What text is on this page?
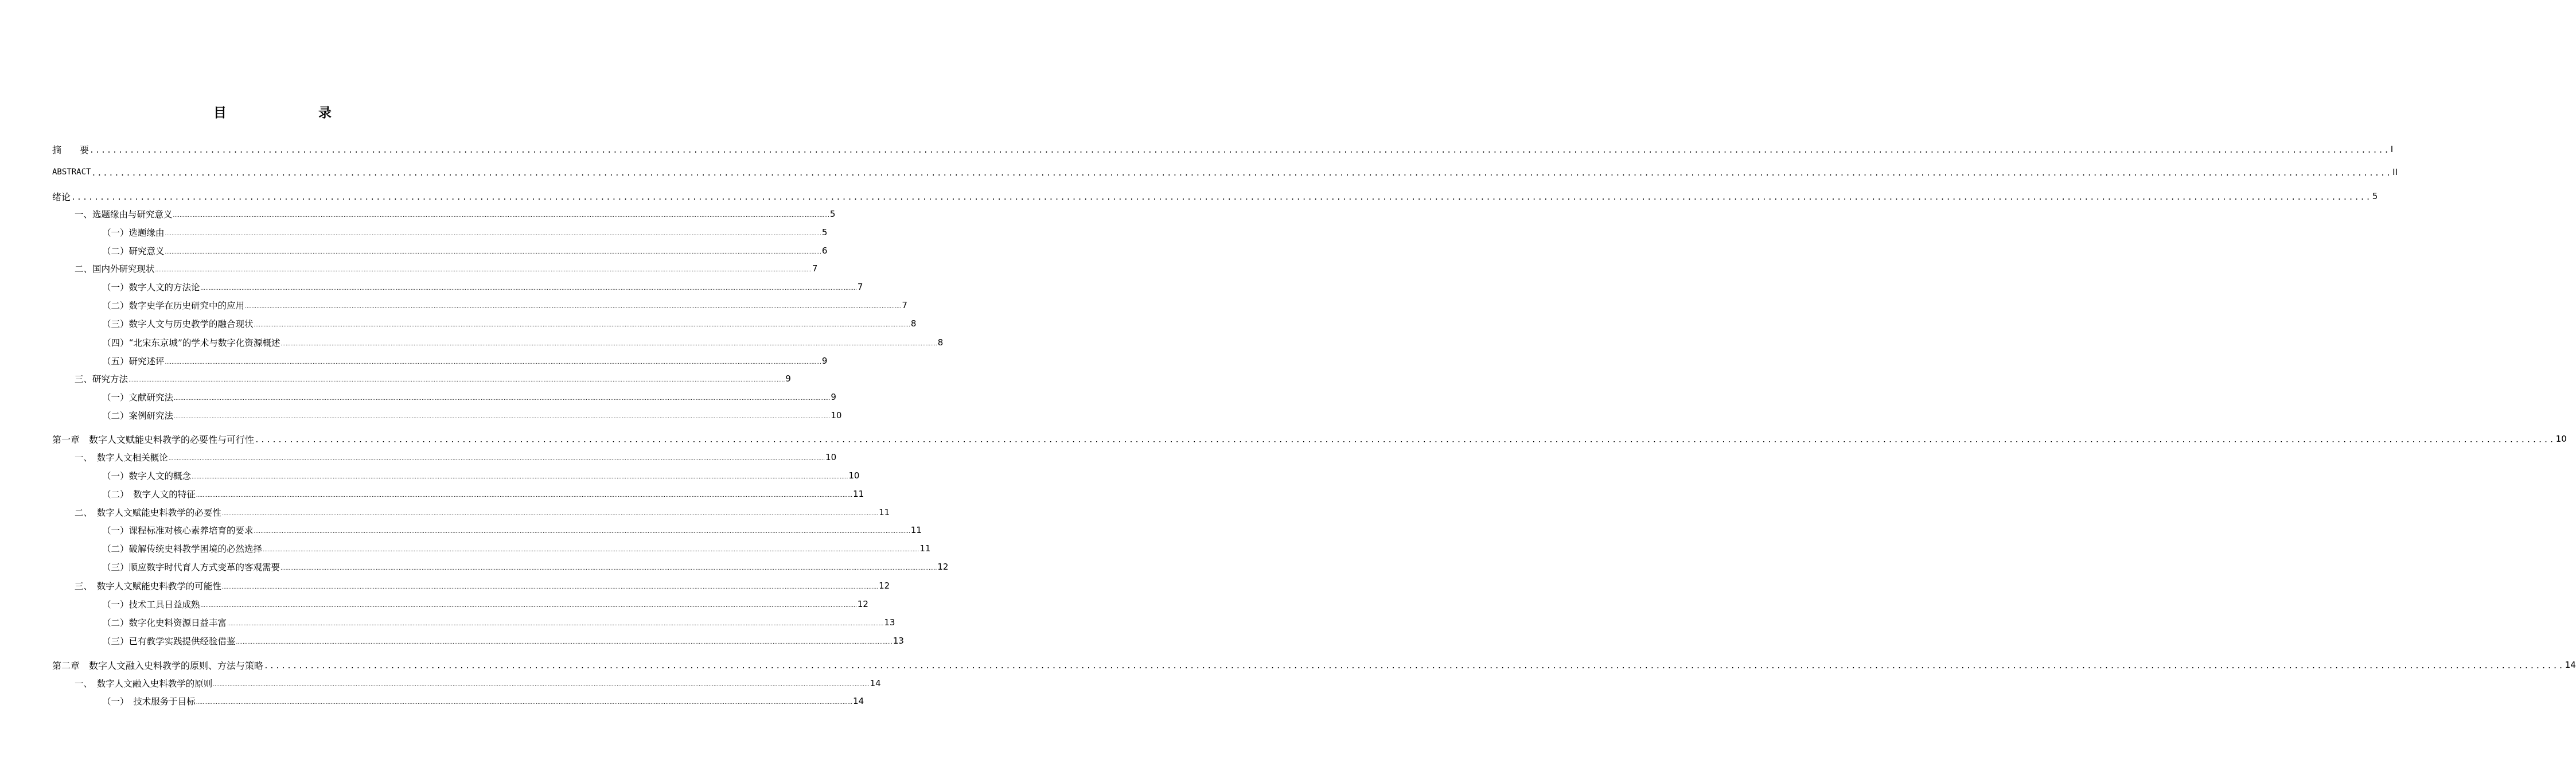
目　　录
摘　　要 ................................................................................................................................................................................................................................................................................................................................................................................................................ I
ABSTRACT ................................................................................................................................................................................................................................................................................................................................................................................................................ II
绪论 ................................................................................................................................................................................................................................................................................................................................................................................................................ 5
一、选题缘由与研究意义 ................................................................................................................................................................................................................................................................................................................................................................................................................ 5
（一）选题缘由 ................................................................................................................................................................................................................................................................................................................................................................................................................ 5
（二）研究意义 ................................................................................................................................................................................................................................................................................................................................................................................................................ 6
二、国内外研究现状 ................................................................................................................................................................................................................................................................................................................................................................................................................ 7
（一）数字人文的方法论 ................................................................................................................................................................................................................................................................................................................................................................................................................ 7
（二）数字史学在历史研究中的应用 ................................................................................................................................................................................................................................................................................................................................................................................................................ 7
（三）数字人文与历史教学的融合现状 ................................................................................................................................................................................................................................................................................................................................................................................................................ 8
（四）“北宋东京城”的学术与数字化资源概述 ................................................................................................................................................................................................................................................................................................................................................................................................................ 8
（五）研究述评 ................................................................................................................................................................................................................................................................................................................................................................................................................ 9
三、研究方法 ................................................................................................................................................................................................................................................................................................................................................................................................................ 9
（一）文献研究法 ................................................................................................................................................................................................................................................................................................................................................................................................................ 9
（二）案例研究法 ................................................................................................................................................................................................................................................................................................................................................................................................................ 10
第一章　数字人文赋能史料教学的必要性与可行性 ................................................................................................................................................................................................................................................................................................................................................................................................................ 10
一、　数字人文相关概论 ................................................................................................................................................................................................................................................................................................................................................................................................................ 10
（一）数字人文的概念 ................................................................................................................................................................................................................................................................................................................................................................................................................ 10
（二）　数字人文的特征 ................................................................................................................................................................................................................................................................................................................................................................................................................ 11
二、　数字人文赋能史料教学的必要性 ................................................................................................................................................................................................................................................................................................................................................................................................................ 11
（一）课程标准对核心素养培育的要求 ................................................................................................................................................................................................................................................................................................................................................................................................................ 11
（二）破解传统史料教学困境的必然选择 ................................................................................................................................................................................................................................................................................................................................................................................................................ 11
（三）顺应数字时代育人方式变革的客观需要 ................................................................................................................................................................................................................................................................................................................................................................................................................ 12
三、　数字人文赋能史料教学的可能性 ................................................................................................................................................................................................................................................................................................................................................................................................................ 12
（一）技术工具日益成熟 ................................................................................................................................................................................................................................................................................................................................................................................................................ 12
（二）数字化史料资源日益丰富 ................................................................................................................................................................................................................................................................................................................................................................................................................ 13
（三）已有教学实践提供经验借鉴 ................................................................................................................................................................................................................................................................................................................................................................................................................ 13
第二章　数字人文融入史料教学的原则、方法与策略 ................................................................................................................................................................................................................................................................................................................................................................................................................ 14
一、　数字人文融入史料教学的原则 ................................................................................................................................................................................................................................................................................................................................................................................................................ 14
（一）　技术服务于目标 ................................................................................................................................................................................................................................................................................................................................................................................................................ 14
